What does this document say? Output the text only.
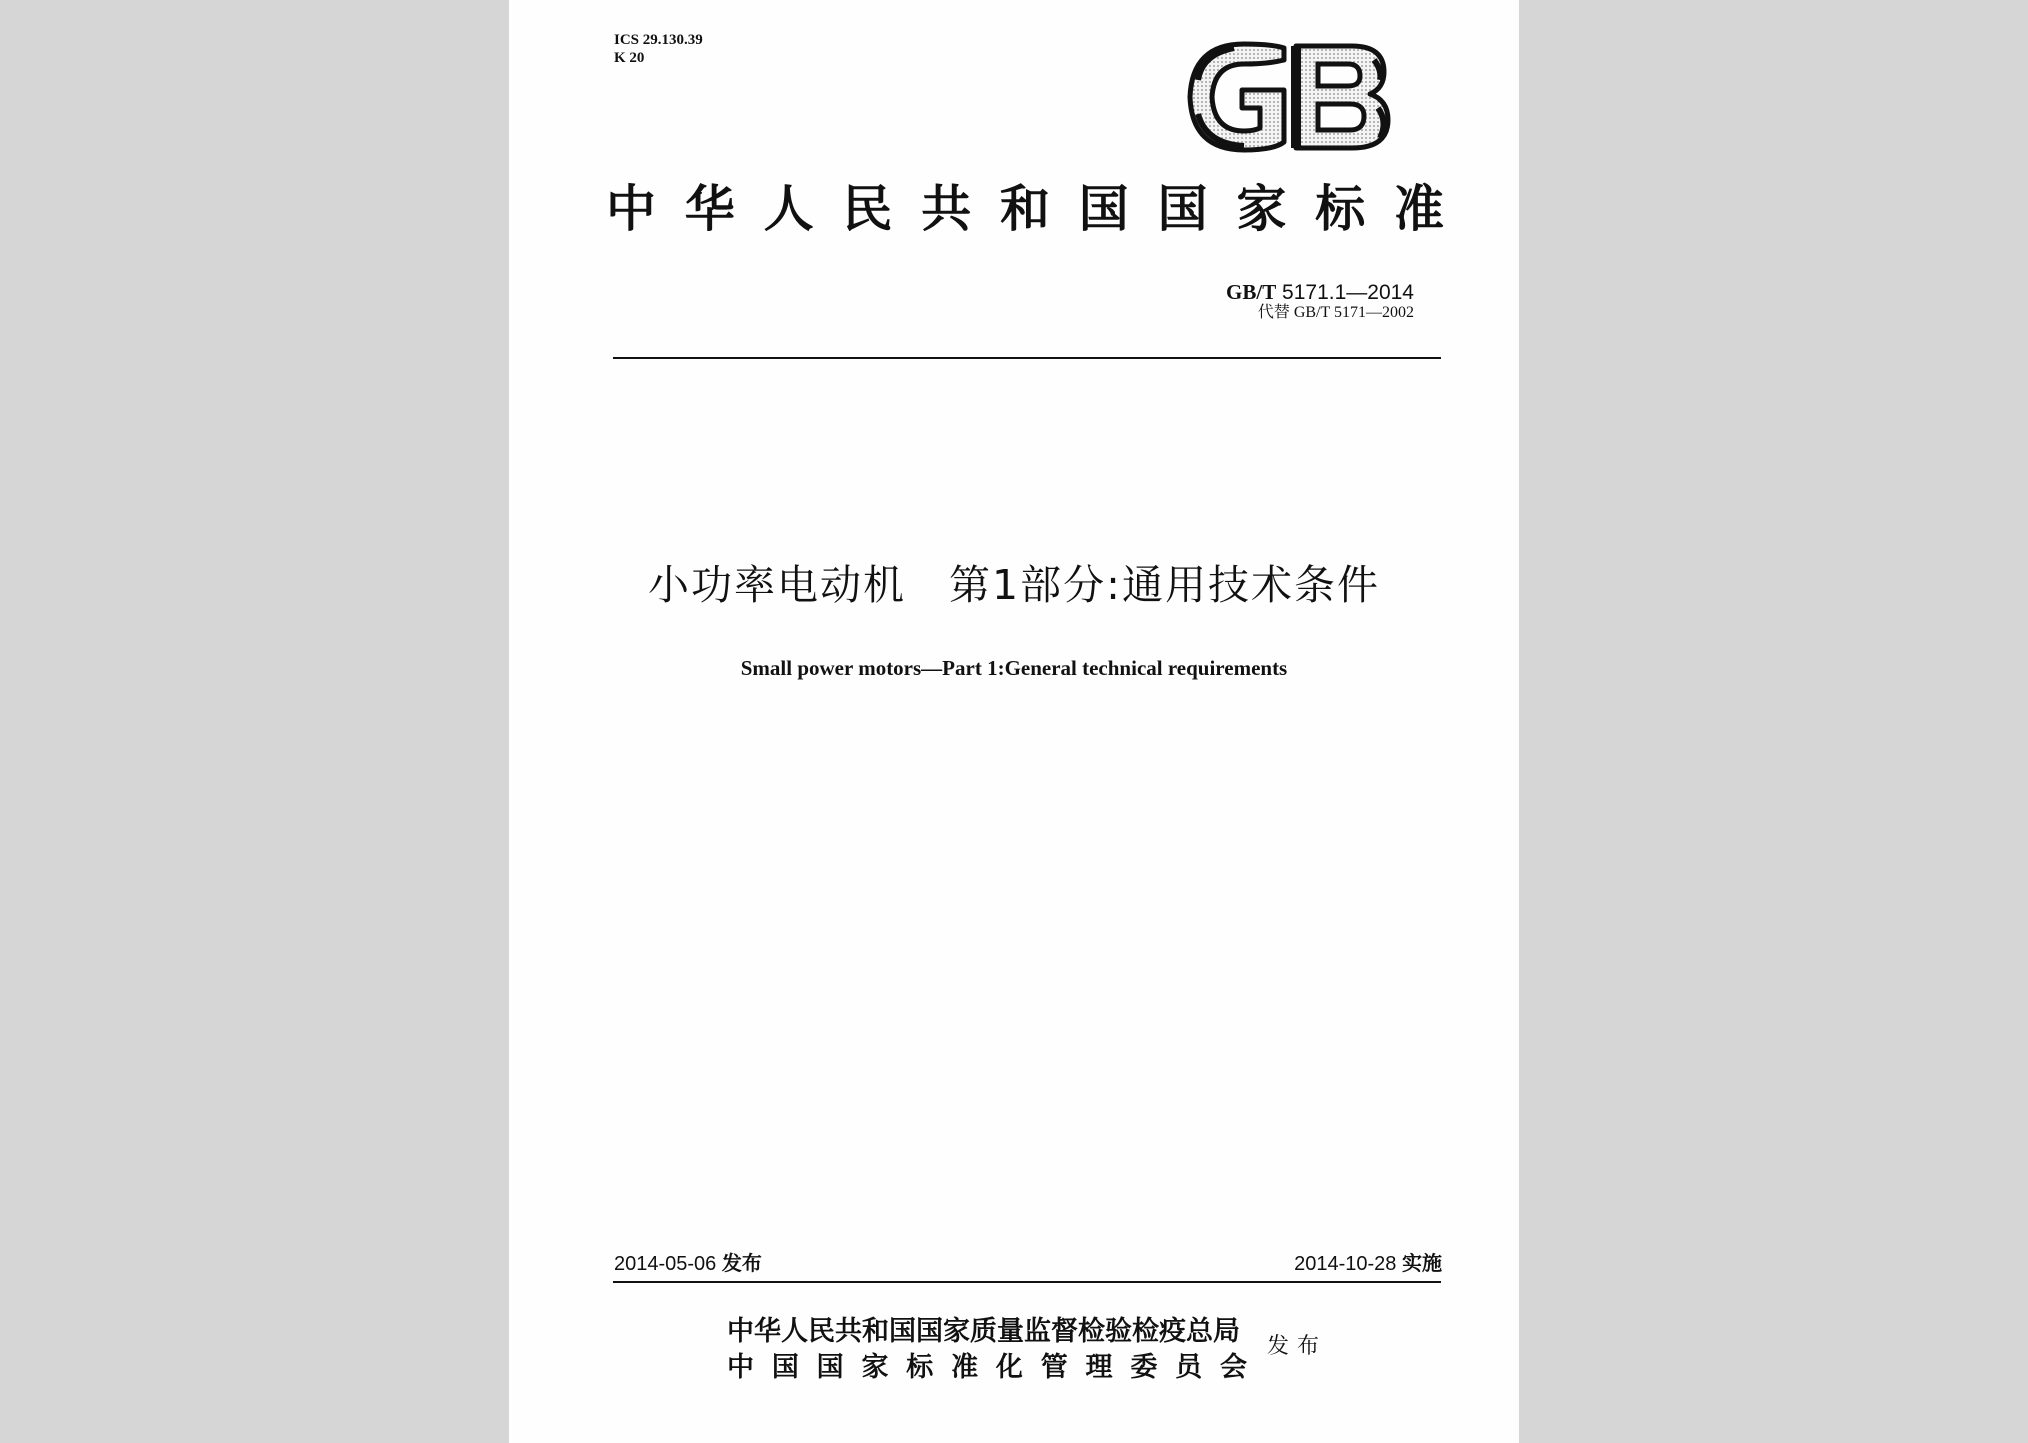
ICS 29.130.39
K 20
中华人民共和国国家标准
GB/T 5171.1—2014
代替 GB/T 5171—2002
小功率电动机　第1部分:通用技术条件
Small power motors—Part 1:General technical requirements
2014-05-06 发布	2014-10-28 实施
中华人民共和国国家质量监督检验检疫总局
中国国家标准化管理委员会
发布
